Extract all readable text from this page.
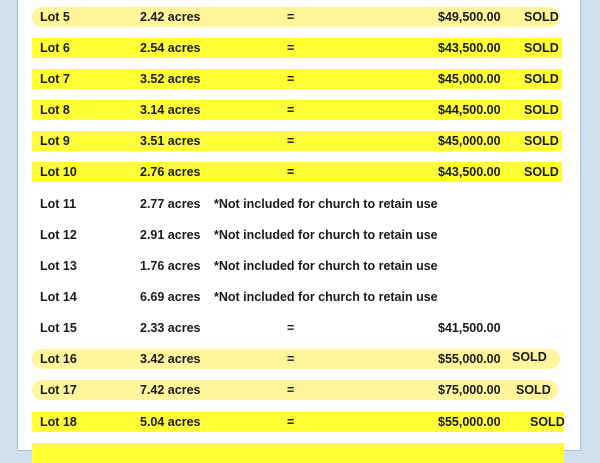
Lot 5	2.42 acres	=	$49,500.00 SOLD
Lot 6	2.54 acres	=	$43,500.00 SOLD
Lot 7	3.52 acres	=	$45,000.00 SOLD
Lot 8	3.14 acres	=	$44,500.00 SOLD
Lot 9	3.51 acres	=	$45,000.00 SOLD
Lot 10	2.76 acres	=	$43,500.00 SOLD
Lot 11	2.77 acres *Not included for church to retain use
Lot 12	2.91 acres *Not included for church to retain use
Lot 13	1.76 acres *Not included for church to retain use
Lot 14	6.69 acres *Not included for church to retain use
Lot 15	2.33 acres	=	$41,500.00
Lot 16	3.42 acres	=	$55,000.00 SOLD
Lot 17	7.42 acres	=	$75,000.00 SOLD
Lot 18	5.04 acres	=	$55,000.00 SOLD
